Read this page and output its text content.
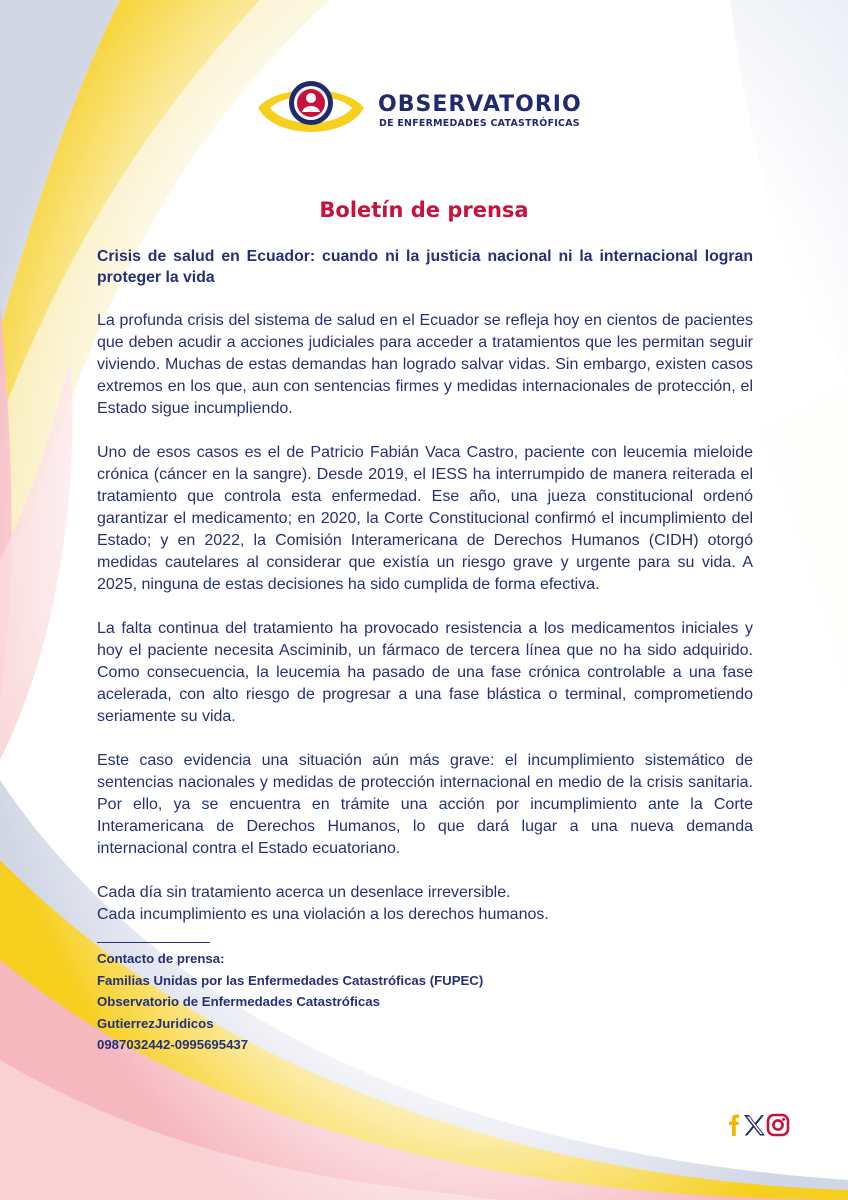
OBSERVATORIO
DE ENFERMEDADES CATASTRÓFICAS
Boletín de prensa

Crisis de salud en Ecuador: cuando ni la justicia nacional ni la internacional logran proteger la vida

La profunda crisis del sistema de salud en el Ecuador se refleja hoy en cientos de pacientes que deben acudir a acciones judiciales para acceder a tratamientos que les permitan seguir viviendo. Muchas de estas demandas han logrado salvar vidas. Sin embargo, existen casos extremos en los que, aun con sentencias firmes y medidas internacionales de protección, el Estado sigue incumpliendo.

Uno de esos casos es el de Patricio Fabián Vaca Castro, paciente con leucemia mieloide crónica (cáncer en la sangre). Desde 2019, el IESS ha interrumpido de manera reiterada el tratamiento que controla esta enfermedad. Ese año, una jueza constitucional ordenó garantizar el medicamento; en 2020, la Corte Constitucional confirmó el incumplimiento del Estado; y en 2022, la Comisión Interamericana de Derechos Humanos (CIDH) otorgó medidas cautelares al considerar que existía un riesgo grave y urgente para su vida. A 2025, ninguna de estas decisiones ha sido cumplida de forma efectiva.

La falta continua del tratamiento ha provocado resistencia a los medicamentos iniciales y hoy el paciente necesita Asciminib, un fármaco de tercera línea que no ha sido adquirido. Como consecuencia, la leucemia ha pasado de una fase crónica controlable a una fase acelerada, con alto riesgo de progresar a una fase blástica o terminal, comprometiendo seriamente su vida.

Este caso evidencia una situación aún más grave: el incumplimiento sistemático de sentencias nacionales y medidas de protección internacional en medio de la crisis sanitaria. Por ello, ya se encuentra en trámite una acción por incumplimiento ante la Corte Interamericana de Derechos Humanos, lo que dará lugar a una nueva demanda internacional contra el Estado ecuatoriano.

Cada día sin tratamiento acerca un desenlace irreversible.

Cada incumplimiento es una violación a los derechos humanos.

Contacto de prensa:
Familias Unidas por las Enfermedades Catastróficas (FUPEC)
Observatorio de Enfermedades Catastróficas
GutierrezJuridicos
0987032442-0995695437
